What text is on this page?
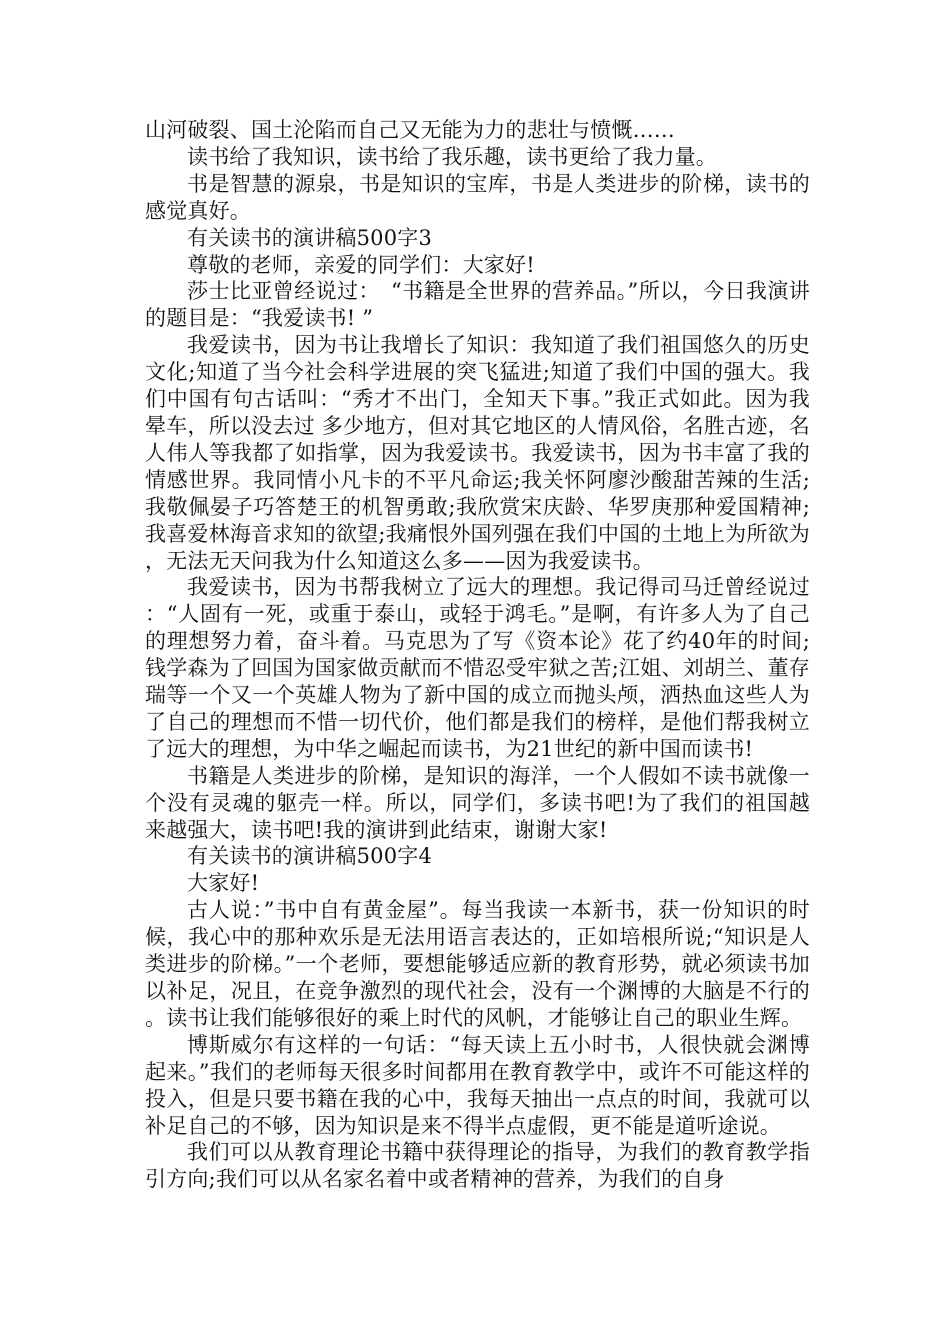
山河破裂、国土沦陷而自己又无能为力的悲壮与愤慨……

读书给了我知识，读书给了我乐趣，读书更给了我力量。

书是智慧的源泉，书是知识的宝库，书是人类进步的阶梯，读书的感觉真好。

有关读书的演讲稿500字3

尊敬的老师，亲爱的同学们：大家好!

莎士比亚曾经说过：　“书籍是全世界的营养品。”所以，今日我演讲的题目是：“我爱读书! ”

我爱读书，因为书让我增长了知识：我知道了我们祖国悠久的历史文化;知道了当今社会科学进展的突飞猛进;知道了我们中国的强大。我们中国有句古话叫：“秀才不出门，全知天下事。”我正式如此。因为我晕车，所以没去过 多少地方，但对其它地区的人情风俗，名胜古迹，名人伟人等我都了如指掌，因为我爱读书。我爱读书，因为书丰富了我的情感世界。我同情小凡卡的不平凡命运;我关怀阿廖沙酸甜苦辣的生活;我敬佩晏子巧答楚王的机智勇敢;我欣赏宋庆龄、华罗庚那种爱国精神;我喜爱林海音求知的欲望;我痛恨外国列强在我们中国的土地上为所欲为，无法无天问我为什么知道这么多——因为我爱读书。

我爱读书，因为书帮我树立了远大的理想。我记得司马迁曾经说过：“人固有一死，或重于泰山，或轻于鸿毛。”是啊，有许多人为了自己的理想努力着，奋斗着。马克思为了写《资本论》花了约40年的时间;钱学森为了回国为国家做贡献而不惜忍受牢狱之苦;江姐、刘胡兰、董存瑞等一个又一个英雄人物为了新中国的成立而抛头颅，洒热血这些人为了自己的理想而不惜一切代价，他们都是我们的榜样，是他们帮我树立了远大的理想，为中华之崛起而读书，为21世纪的新中国而读书!

书籍是人类进步的阶梯，是知识的海洋，一个人假如不读书就像一个没有灵魂的躯壳一样。所以，同学们，多读书吧!为了我们的祖国越来越强大，读书吧!我的演讲到此结束，谢谢大家!

有关读书的演讲稿500字4

大家好!

古人说：”书中自有黄金屋”。每当我读一本新书，获一份知识的时候，我心中的那种欢乐是无法用语言表达的，正如培根所说;“知识是人类进步的阶梯。”一个老师，要想能够适应新的教育形势，就必须读书加以补足，况且，在竞争激烈的现代社会，没有一个渊博的大脑是不行的。读书让我们能够很好的乘上时代的风帆，才能够让自己的职业生辉。

博斯威尔有这样的一句话：“每天读上五小时书，人很快就会渊博起来。”我们的老师每天很多时间都用在教育教学中，或许不可能这样的投入，但是只要书籍在我的心中，我每天抽出一点点的时间，我就可以补足自己的不够，因为知识是来不得半点虚假，更不能是道听途说。

我们可以从教育理论书籍中获得理论的指导，为我们的教育教学指引方向;我们可以从名家名着中或者精神的营养，为我们的自身
